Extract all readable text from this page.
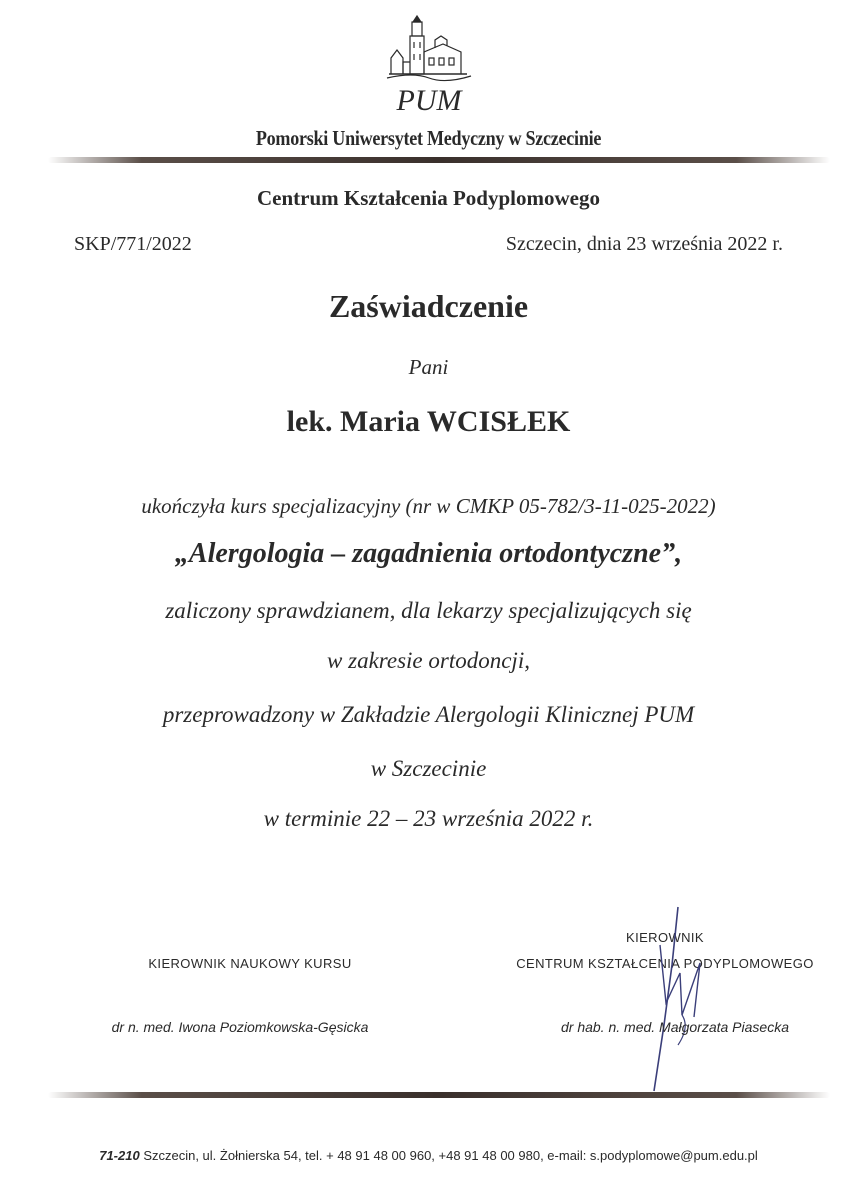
PUM
Pomorski Uniwersytet Medyczny w Szczecinie
Centrum Kształcenia Podyplomowego
SKP/771/2022	Szczecin, dnia 23 września 2022 r.
Zaświadczenie
Pani
lek. Maria WCISŁEK
ukończyła kurs specjalizacyjny (nr w CMKP 05-782/3-11-025-2022)
„Alergologia – zagadnienia ortodontyczne”,
zaliczony sprawdzianem, dla lekarzy specjalizujących się
w zakresie ortodoncji,
przeprowadzony w Zakładzie Alergologii Klinicznej PUM
w Szczecinie
w terminie 22 – 23 września 2022 r.
KIEROWNIK NAUKOWY KURSU
KIEROWNIK
CENTRUM KSZTAŁCENIA PODYPLOMOWEGO
dr n. med. Iwona Poziomkowska-Gęsicka	dr hab. n. med. Małgorzata Piasecka
71-210 Szczecin, ul. Żołnierska 54, tel. + 48 91 48 00 960, +48 91 48 00 980, e-mail: s.podyplomowe@pum.edu.pl
